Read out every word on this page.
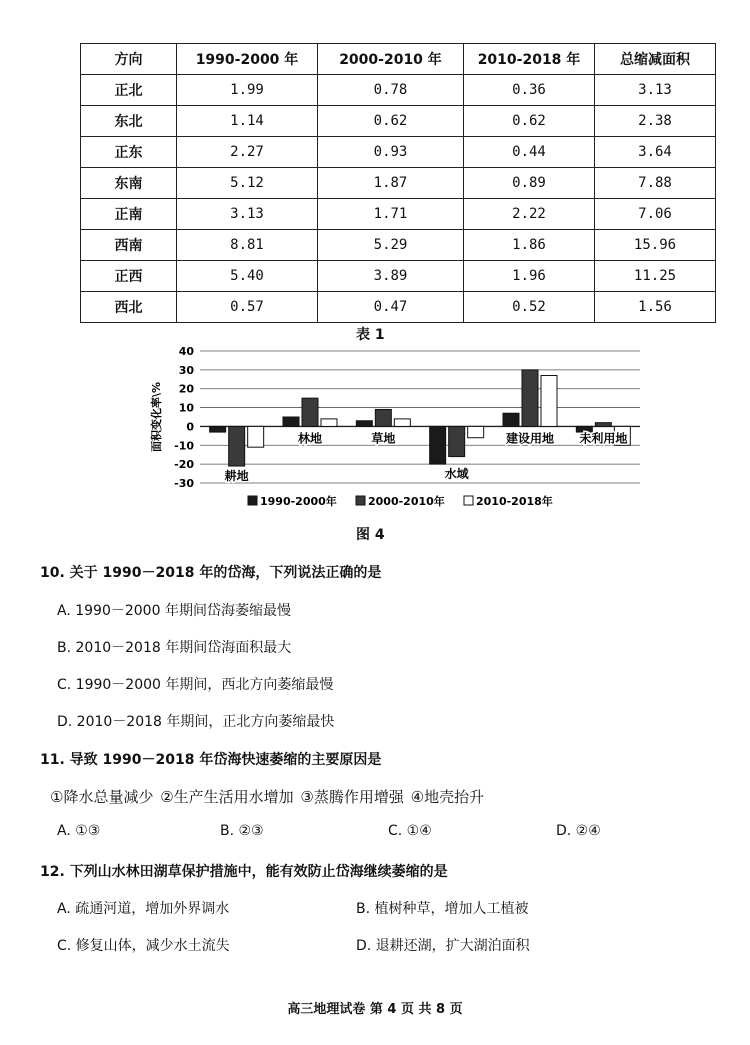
方向	1990-2000 年	2000-2010 年	2010-2018 年	总缩减面积
正北	1.99	0.78	0.36	3.13
东北	1.14	0.62	0.62	2.38
正东	2.27	0.93	0.44	3.64
东南	5.12	1.87	0.89	7.88
正南	3.13	1.71	2.22	7.06
西南	8.81	5.29	1.86	15.96
正西	5.40	3.89	1.96	11.25
西北	0.57	0.47	0.52	1.56
表 1
-30
-20
-10
0
10
20
30
40
面积变化率\%
耕地
林地	草地
水域
建设用地 未利用地
1990-2000年	2000-2010年	2010-2018年
图 4
10. 关于 1990－2018 年的岱海，下列说法正确的是
A. 1990－2000 年期间岱海萎缩最慢
B. 2010－2018 年期间岱海面积最大
C. 1990－2000 年期间，西北方向萎缩最慢
D. 2010－2018 年期间，正北方向萎缩最快
11. 导致 1990－2018 年岱海快速萎缩的主要原因是
①降水总量减少 ②生产生活用水增加 ③蒸腾作用增强 ④地壳抬升
A. ①③	B. ②③	C. ①④	D. ②④
12. 下列山水林田湖草保护措施中，能有效防止岱海继续萎缩的是
A. 疏通河道，增加外界调水	B. 植树种草，增加人工植被
C. 修复山体，减少水土流失	D. 退耕还湖，扩大湖泊面积
高三地理试卷 第 4 页 共 8 页
